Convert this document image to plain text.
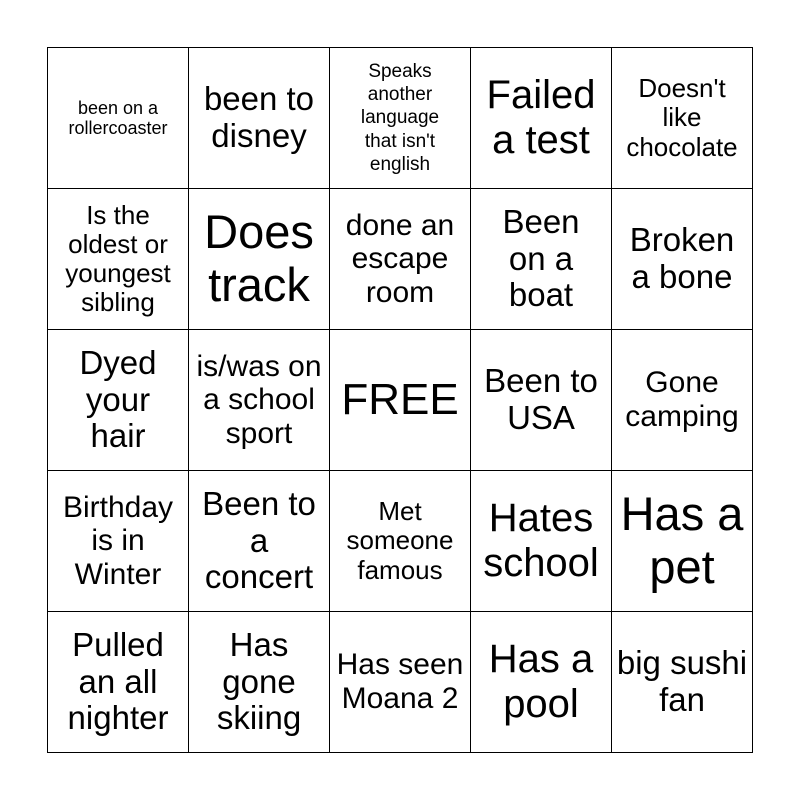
been on a rollercoaster
been to disney
Speaks another language that isn't english
Failed a test
Doesn't like chocolate
Is the oldest or youngest sibling
Does track
done an escape room
Been on a boat
Broken a bone
Dyed your hair
is/was on a school sport
FREE Been to USA
Gone camping
Birthday is in Winter
Been to a concert
Met someone famous
Hates school
Has a pet
Pulled an all nighter
Has gone skiing
Has seen Moana 2
Has a pool
big sushi fan
